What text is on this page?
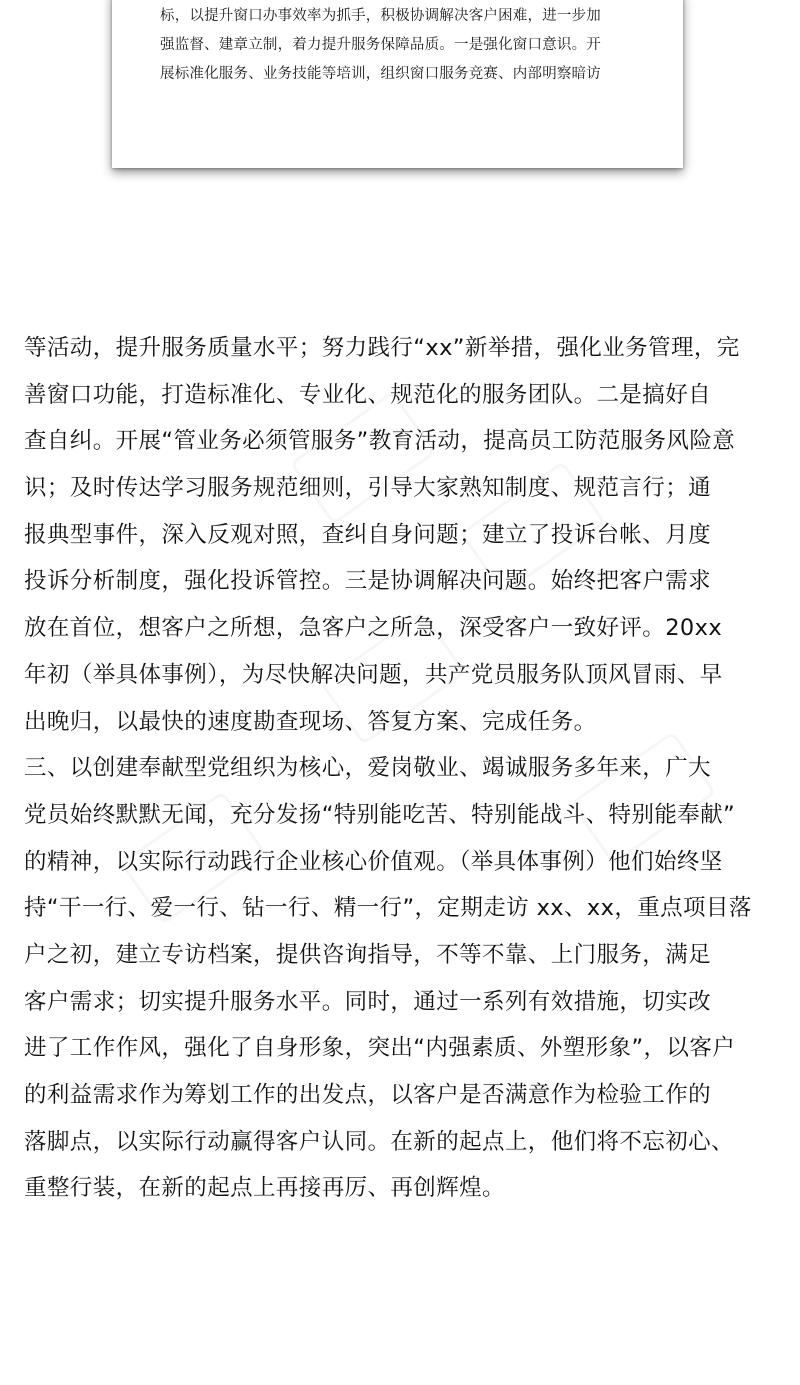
标，以提升窗口办事效率为抓手，积极协调解决客户困难，进一步加
强监督、建章立制，着力提升服务保障品质。一是强化窗口意识。开
展标准化服务、业务技能等培训，组织窗口服务竞赛、内部明察暗访

等活动，提升服务质量水平；努力践行“xx”新举措，强化业务管理，完
善窗口功能，打造标准化、专业化、规范化的服务团队。二是搞好自
查自纠。开展“管业务必须管服务”教育活动，提高员工防范服务风险意
识；及时传达学习服务规范细则，引导大家熟知制度、规范言行；通
报典型事件，深入反观对照，查纠自身问题；建立了投诉台帐、月度
投诉分析制度，强化投诉管控。三是协调解决问题。始终把客户需求
放在首位，想客户之所想，急客户之所急，深受客户一致好评。20xx
年初（举具体事例），为尽快解决问题，共产党员服务队顶风冒雨、早
出晚归，以最快的速度勘查现场、答复方案、完成任务。
三、以创建奉献型党组织为核心，爱岗敬业、竭诚服务多年来，广大
党员始终默默无闻，充分发扬“特别能吃苦、特别能战斗、特别能奉献”
的精神，以实际行动践行企业核心价值观。（举具体事例）他们始终坚
持“干一行、爱一行、钻一行、精一行”，定期走访 xx、xx，重点项目落
户之初，建立专访档案，提供咨询指导，不等不靠、上门服务，满足
客户需求；切实提升服务水平。同时，通过一系列有效措施，切实改
进了工作作风，强化了自身形象，突出“内强素质、外塑形象”，以客户
的利益需求作为筹划工作的出发点，以客户是否满意作为检验工作的
落脚点，以实际行动赢得客户认同。在新的起点上，他们将不忘初心、
重整行装，在新的起点上再接再厉、再创辉煌。
